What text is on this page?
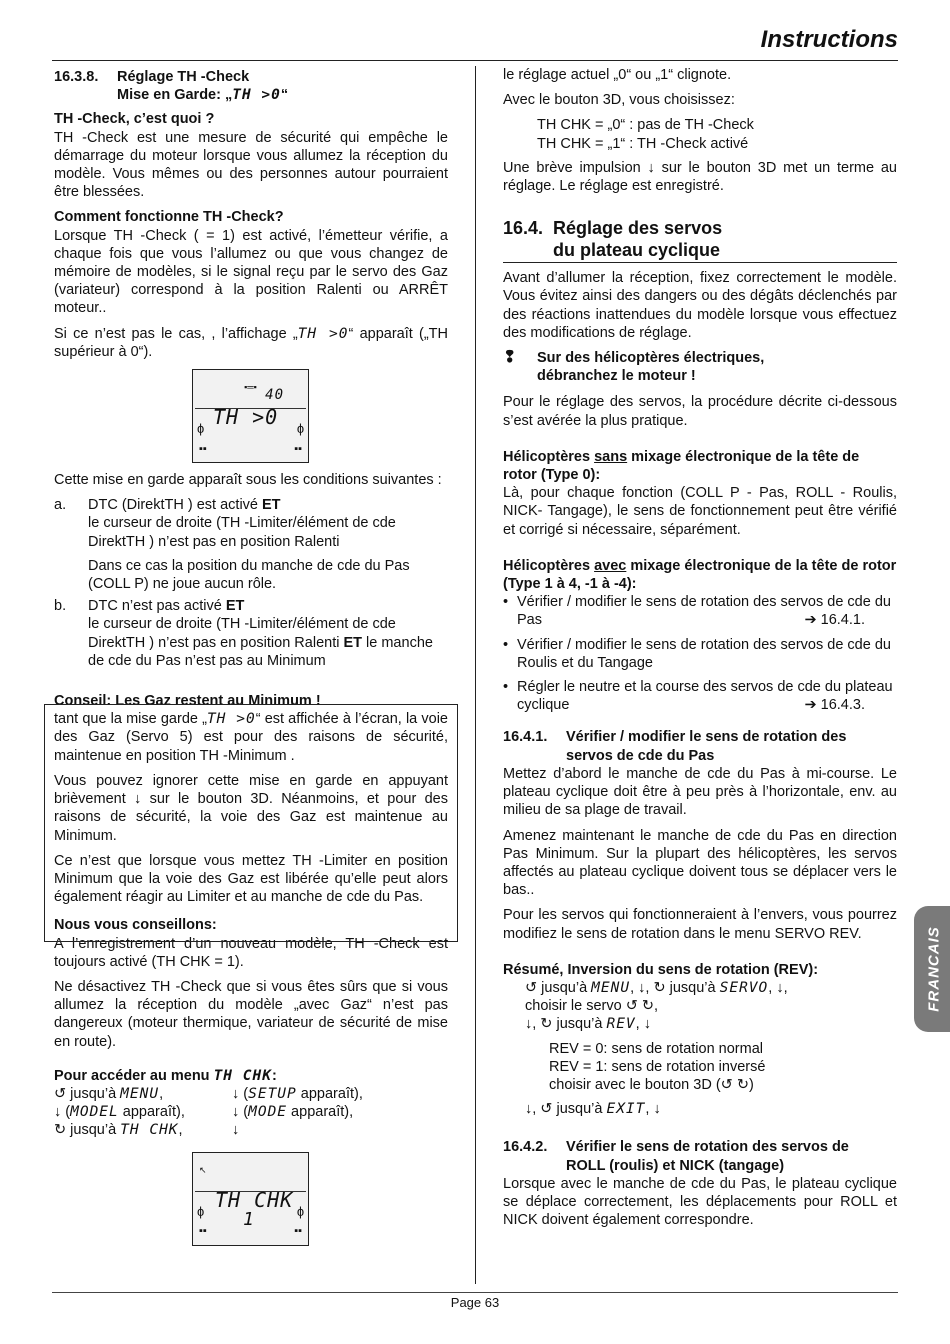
Instructions
16.3.8.	Réglage TH -Check
Mise en Garde: „TH >0“
TH -Check, c’est quoi ?

TH -Check est une mesure de sécurité qui empêche le démarrage du moteur lorsque vous allumez la réception du modèle. Vous mêmes ou des personnes autour pourraient être blessées.

Comment fonctionne TH -Check?

Lorsque TH -Check ( = 1) est activé, l’émetteur vérifie, a chaque fois que vous l’allumez ou que vous changez de mémoire de modèles, si le signal reçu par le servo des Gaz (variateur) correspond à la position Ralenti ou ARRÊT moteur..

Si ce n’est pas le cas, , l’affichage „TH >0“ apparaît („TH supérieur à 0“).

▪═▪ 40
TH >0
ɸ	ɸ
▪▪	▪▪

Cette mise en garde apparaît sous les conditions suivantes :

a.	DTC (DirektTH ) est activé ET
le curseur de droite (TH -Limiter/élément de cde DirektTH ) n’est pas en position Ralenti
Dans ce cas la position du manche de cde du Pas (COLL P) ne joue aucun rôle.
b.	DTC n’est pas activé ET
le curseur de droite (TH -Limiter/élément de cde DirektTH ) n’est pas en position Ralenti ET le manche de cde du Pas n’est pas au Minimum
Conseil: Les Gaz restent au Minimum !

tant que la mise garde „TH >0“ est affichée à l’écran, la voie des Gaz (Servo 5) est pour des raisons de sécurité, maintenue en position TH -Minimum .

Vous pouvez ignorer cette mise en garde en appuyant brièvement ↓ sur le bouton 3D. Néanmoins, et pour des raisons de sécurité, la voie des Gaz est maintenue au Minimum.

Ce n’est que lorsque vous mettez TH -Limiter en position Minimum que la voie des Gaz est libérée qu’elle peut alors également réagir au Limiter et au manche de cde du Pas.

Nous vous conseillons:

A l’enregistrement d’un nouveau modèle, TH -Check est toujours activé (TH CHK = 1).

Ne désactivez TH -Check que si vous êtes sûrs que si vous allumez la réception du modèle „avec Gaz“ n’est pas dangereux (moteur thermique, variateur de sécurité de mise en route).

Pour accéder au menu TH CHK:
↺ jusqu’à MENU,	↓ (SETUP apparaît),
↓ (MODEL apparaît),	↓ (MODE apparaît),
↻ jusqu’à TH CHK,	↓
↖
TH CHK
1
ɸ	ɸ
▪▪	▪▪

le réglage actuel „0“ ou „1“ clignote.

Avec le bouton 3D, vous choisissez:

TH CHK = „0“ : pas de TH -Check
TH CHK = „1“ : TH -Check activé

Une brève impulsion ↓ sur le bouton 3D met un terme au réglage. Le réglage est enregistré.

16.4. Réglage des servos
du plateau cyclique

Avant d’allumer la réception, fixez correctement le modèle. Vous évitez ainsi des dangers ou des dégâts déclenchés par des réactions inattendues du modèle lorsque vous effectuez des modifications de réglage.

❢	Sur des hélicoptères électriques,
débranchez le moteur !

Pour le réglage des servos, la procédure décrite ci-dessous s’est avérée la plus pratique.

Hélicoptères sans mixage électronique de la tête de rotor (Type 0):

Là, pour chaque fonction (COLL P - Pas, ROLL - Roulis, NICK- Tangage), le sens de fonctionnement peut être vérifié et corrigé si nécessaire, séparément.

Hélicoptères avec mixage électronique de la tête de rotor (Type 1 à 4, -1 à -4):
• Vérifier / modifier le sens de rotation des servos de cde du Pas	➔ 16.4.1.
• Vérifier / modifier le sens de rotation des servos de cde du Roulis et du Tangage
• Régler le neutre et la course des servos de cde du plateau cyclique	➔ 16.4.3.
16.4.1.	Vérifier / modifier le sens de rotation des
servos de cde du Pas

Mettez d’abord le manche de cde du Pas à mi-course. Le plateau cyclique doit être à peu près à l’horizontale, env. au milieu de sa plage de travail.

Amenez maintenant le manche de cde du Pas en direction Pas Minimum. Sur la plupart des hélicoptères, les servos affectés au plateau cyclique doivent tous se déplacer vers le bas..

Pour les servos qui fonctionneraient à l’envers, vous pourrez modifiez le sens de rotation dans le menu SERVO REV.

Résumé, Inversion du sens de rotation (REV):
↺ jusqu’à MENU, ↓, ↻ jusqu’à SERVO, ↓,
choisir le servo ↺ ↻,
↓, ↻ jusqu’à REV, ↓
REV = 0: sens de rotation normal
REV = 1: sens de rotation inversé
choisir avec le bouton 3D (↺ ↻)
↓, ↺ jusqu’à EXIT, ↓
16.4.2.	Vérifier le sens de rotation des servos de
ROLL (roulis) et NICK (tangage)

Lorsque avec le manche de cde du Pas, le plateau cyclique se déplace correctement, les déplacements pour ROLL et NICK doivent également correspondre.

FRANCAIS
Page 63
